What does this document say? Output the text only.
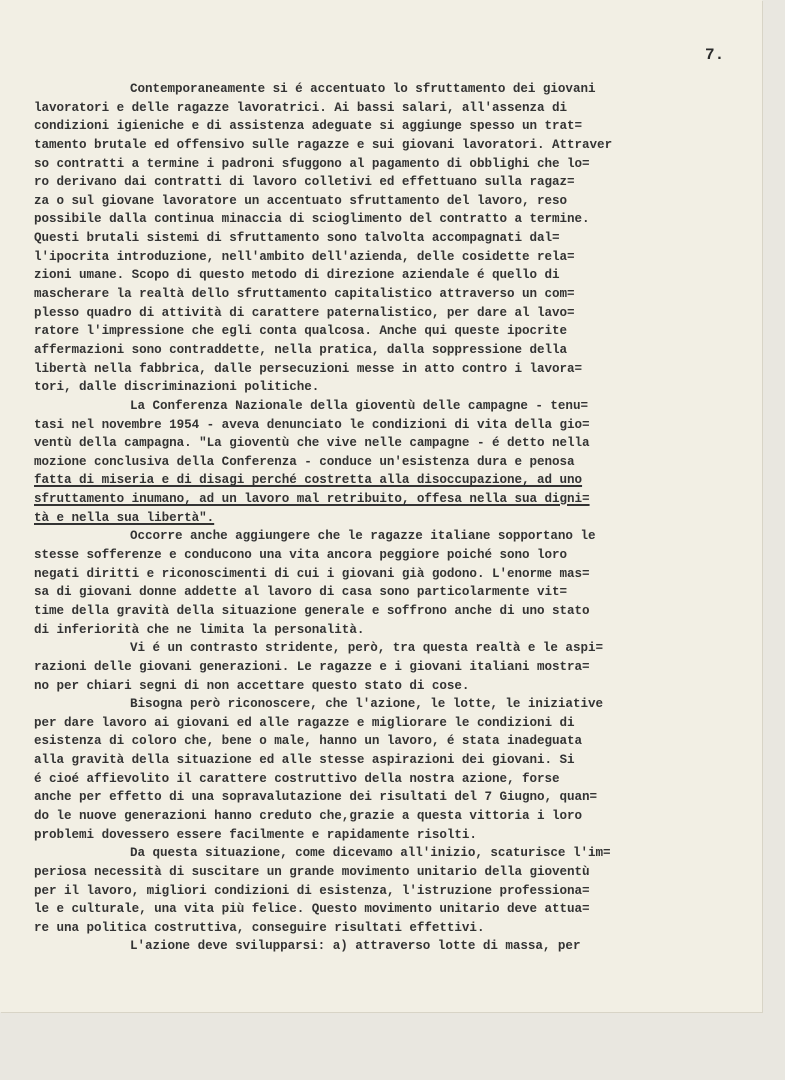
7.
Contemporaneamente si é accentuato lo sfruttamento dei giovani
lavoratori e delle ragazze lavoratrici. Ai bassi salari, all'assenza di
condizioni igieniche e di assistenza adeguate si aggiunge spesso un trat=
tamento brutale ed offensivo sulle ragazze e sui giovani lavoratori. Attraver
so contratti a termine i padroni sfuggono al pagamento di obblighi che lo=
ro derivano dai contratti di lavoro colletivi ed effettuano sulla ragaz=
za o sul giovane lavoratore un accentuato sfruttamento del lavoro, reso
possibile dalla continua minaccia di scioglimento del contratto a termine.
Questi brutali sistemi di sfruttamento sono talvolta accompagnati dal=
l'ipocrita introduzione, nell'ambito dell'azienda, delle cosidette rela=
zioni umane. Scopo di questo metodo di direzione aziendale é quello di
mascherare la realtà dello sfruttamento capitalistico attraverso un com=
plesso quadro di attività di carattere paternalistico, per dare al lavo=
ratore l'impressione che egli conta qualcosa. Anche qui queste ipocrite
affermazioni sono contraddette, nella pratica, dalla soppressione della
libertà nella fabbrica, dalle persecuzioni messe in atto contro i lavora=
tori, dalle discriminazioni politiche.
La Conferenza Nazionale della gioventù delle campagne - tenu=
tasi nel novembre 1954 - aveva denunciato le condizioni di vita della gio=
ventù della campagna. "La gioventù che vive nelle campagne - é detto nella
mozione conclusiva della Conferenza - conduce un'esistenza dura e penosa
fatta di miseria e di disagi perché costretta alla disoccupazione, ad uno
sfruttamento inumano, ad un lavoro mal retribuito, offesa nella sua digni=
tà e nella sua libertà".
Occorre anche aggiungere che le ragazze italiane sopportano le
stesse sofferenze e conducono una vita ancora peggiore poiché sono loro
negati diritti e riconoscimenti di cui i giovani già godono. L'enorme mas=
sa di giovani donne addette al lavoro di casa sono particolarmente vit=
time della gravità della situazione generale e soffrono anche di uno stato
di inferiorità che ne limita la personalità.
Vi é un contrasto stridente, però, tra questa realtà e le aspi=
razioni delle giovani generazioni. Le ragazze e i giovani italiani mostra=
no per chiari segni di non accettare questo stato di cose.
Bisogna però riconoscere, che l'azione, le lotte, le iniziative
per dare lavoro ai giovani ed alle ragazze e migliorare le condizioni di
esistenza di coloro che, bene o male, hanno un lavoro, é stata inadeguata
alla gravità della situazione ed alle stesse aspirazioni dei giovani. Si
é cioé affievolito il carattere costruttivo della nostra azione, forse
anche per effetto di una sopravalutazione dei risultati del 7 Giugno, quan=
do le nuove generazioni hanno creduto che,grazie a questa vittoria i loro
problemi dovessero essere facilmente e rapidamente risolti.
Da questa situazione, come dicevamo all'inizio, scaturisce l'im=
periosa necessità di suscitare un grande movimento unitario della gioventù
per il lavoro, migliori condizioni di esistenza, l'istruzione professiona=
le e culturale, una vita più felice. Questo movimento unitario deve attua=
re una politica costruttiva, conseguire risultati effettivi.
L'azione deve svilupparsi: a) attraverso lotte di massa, per
